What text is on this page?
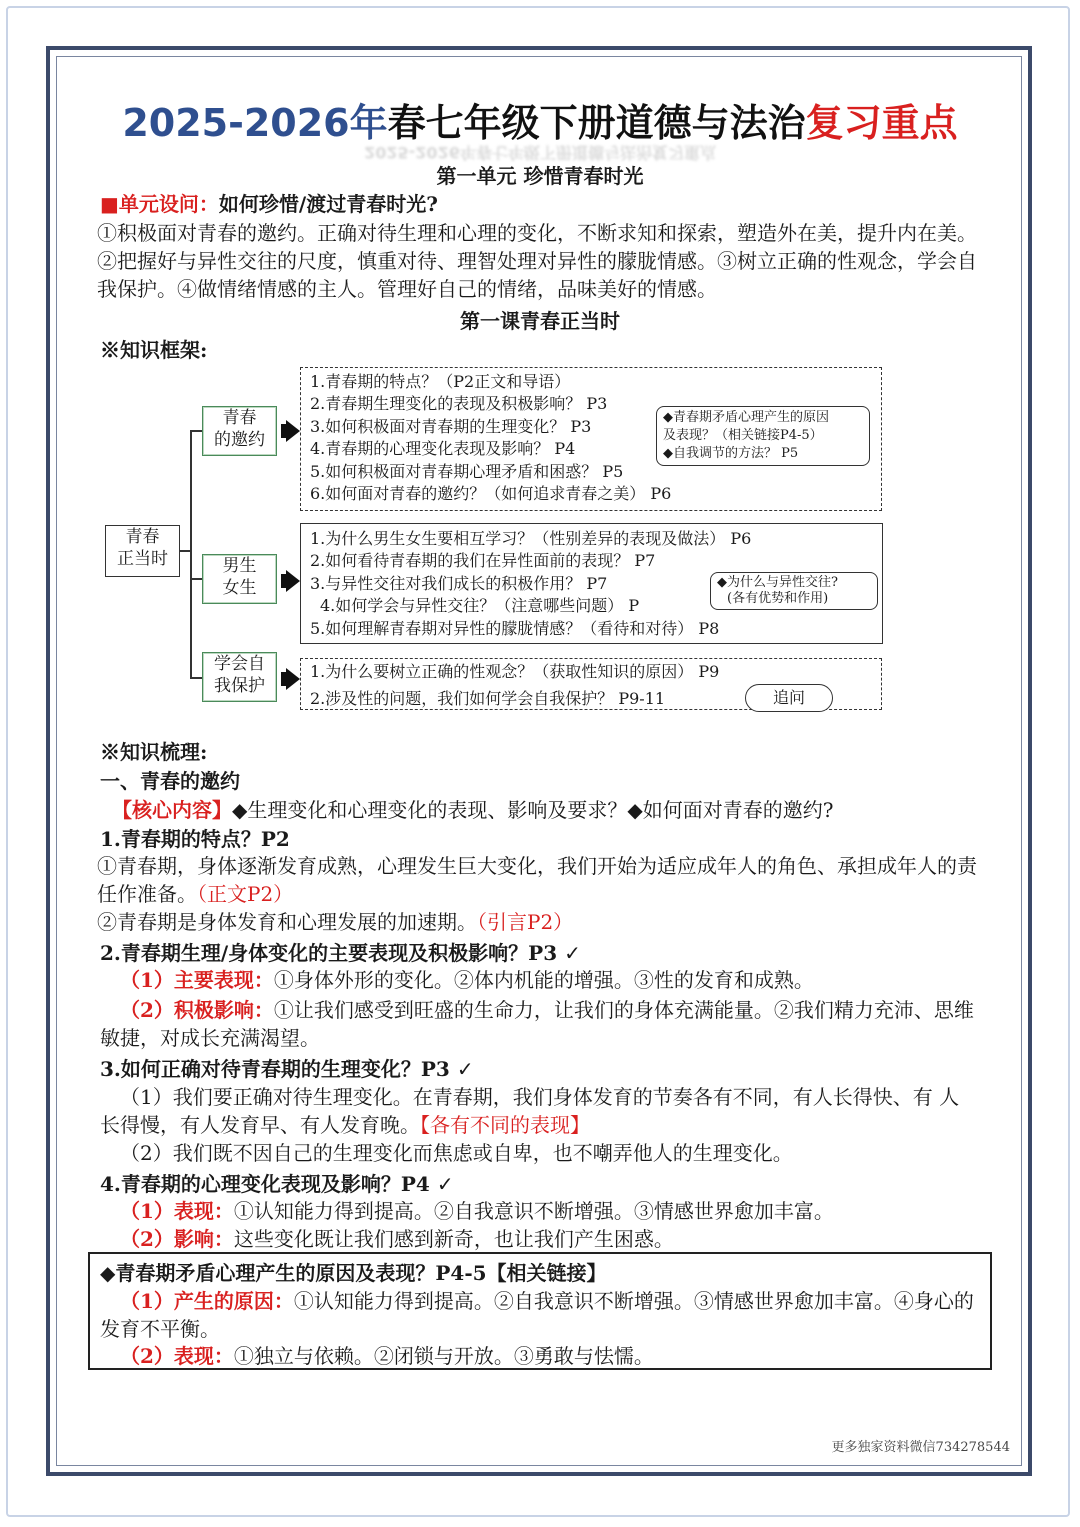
2025-2026年春七年级下册道德与法治复习重点
2025-2026年春七年级下册道德与法治复习重点
第一单元 珍惜青春时光
■单元设问：如何珍惜/渡过青春时光?
①积极面对青春的邀约。正确对待生理和心理的变化，不断求知和探索，塑造外在美，提升内在美。②把握好与异性交往的尺度，慎重对待、理智处理对异性的朦胧情感。③树立正确的性观念，学会自我保护。④做情绪情感的主人。管理好自己的情绪，品味美好的情感。
第一课青春正当时
※知识框架:
青春
正当时
青春
的邀约
1.青春期的特点？（P2正文和导语）
2.青春期生理变化的表现及积极影响？ P3
3.如何积极面对青春期的生理变化？ P3
4.青春期的心理变化表现及影响？ P4
5.如何积极面对青春期心理矛盾和困惑？ P5
6.如何面对青春的邀约？（如何追求青春之美） P6
◆青春期矛盾心理产生的原因
及表现？（相关链接P4-5）
◆自我调节的方法？ P5
男生
女生
1.为什么男生女生要相互学习？（性别差异的表现及做法） P6
2.如何看待青春期的我们在异性面前的表现？ P7
3.与异性交往对我们成长的积极作用？ P7
4.如何学会与异性交往？（注意哪些问题） P
5.如何理解青春期对异性的朦胧情感？（看待和对待） P8
◆为什么与异性交往?
(各有优势和作用)
学会自
我保护
1.为什么要树立正确的性观念？（获取性知识的原因） P9
2.涉及性的问题，我们如何学会自我保护？ P9-11	追问
※知识梳理:
一、青春的邀约
【核心内容】◆生理变化和心理变化的表现、影响及要求？◆如何面对青春的邀约?
1.青春期的特点？P2
①青春期，身体逐渐发育成熟，心理发生巨大变化，我们开始为适应成年人的角色、承担成年人的责任作准备。（正文P2）
②青春期是身体发育和心理发展的加速期。（引言P2）
2.青春期生理/身体变化的主要表现及积极影响？P3 ✓
（1）主要表现：①身体外形的变化。②体内机能的增强。③性的发育和成熟。
（2）积极影响：①让我们感受到旺盛的生命力，让我们的身体充满能量。②我们精力充沛、思维敏捷，对成长充满渴望。
3.如何正确对待青春期的生理变化？P3 ✓
（1）我们要正确对待生理变化。在青春期，我们身体发育的节奏各有不同，有人长得快、有 人长得慢，有人发育早、有人发育晚。【各有不同的表现】
（2）我们既不因自己的生理变化而焦虑或自卑，也不嘲弄他人的生理变化。
4.青春期的心理变化表现及影响？P4 ✓
（1）表现：①认知能力得到提高。②自我意识不断增强。③情感世界愈加丰富。
（2）影响：这些变化既让我们感到新奇，也让我们产生困惑。
◆青春期矛盾心理产生的原因及表现？P4-5【相关链接】
（1）产生的原因：①认知能力得到提高。②自我意识不断增强。③情感世界愈加丰富。④身心的发育不平衡。
（2）表现：①独立与依赖。②闭锁与开放。③勇敢与怯懦。
更多独家资料微信734278544
